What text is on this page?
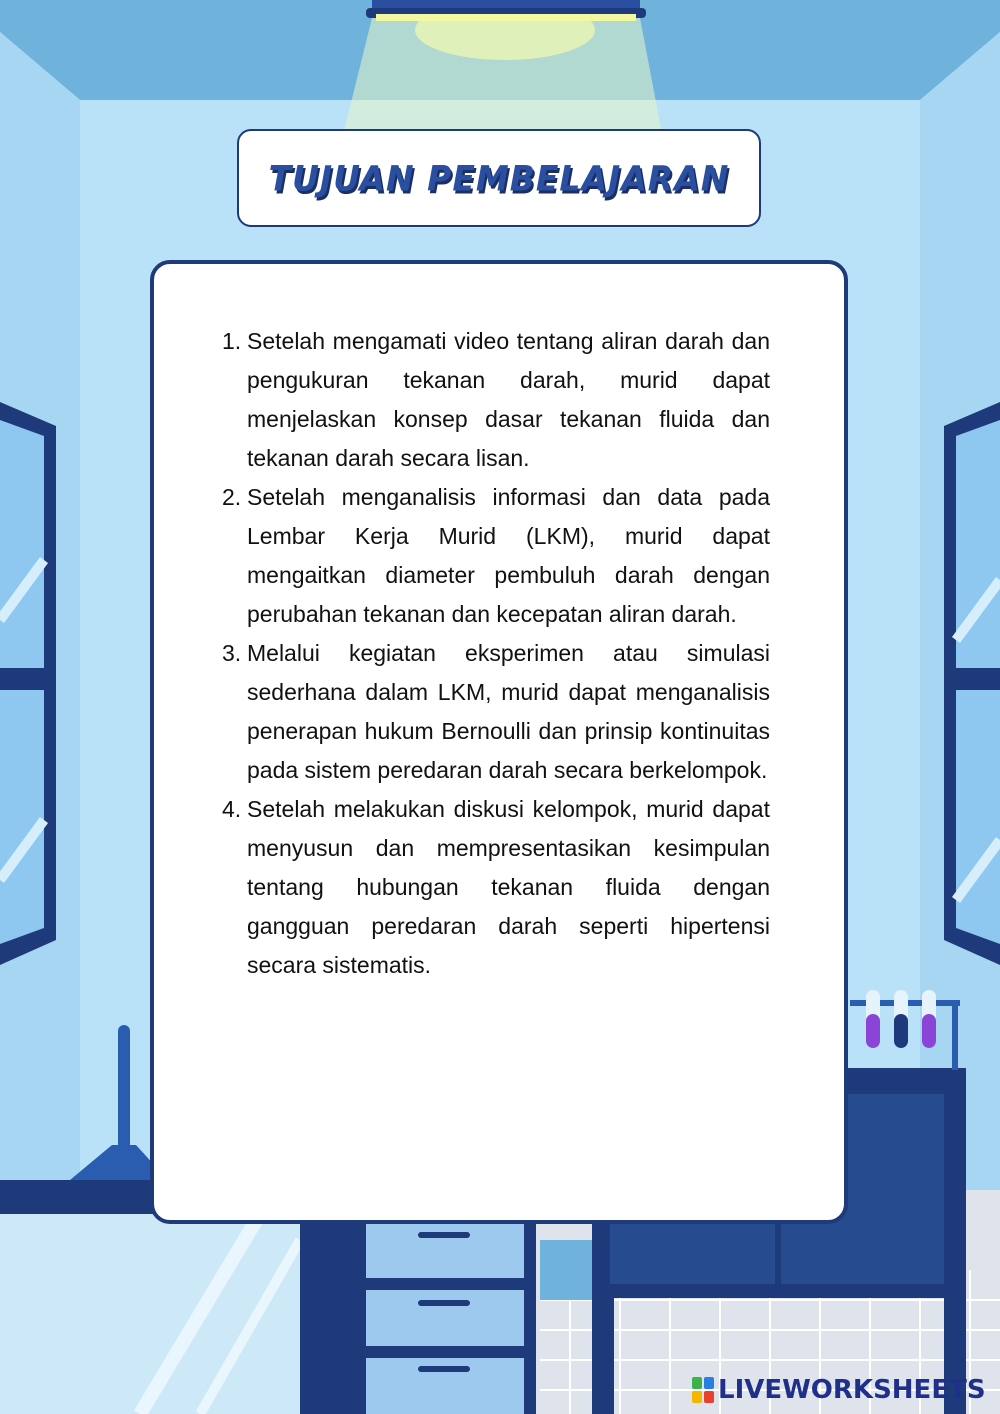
TUJUAN PEMBELAJARAN
1. Setelah mengamati video tentang aliran darah dan pengukuran tekanan darah, murid dapat menjelaskan konsep dasar tekanan fluida dan tekanan darah secara lisan.
2. Setelah menganalisis informasi dan data pada Lembar Kerja Murid (LKM), murid dapat mengaitkan diameter pembuluh darah dengan perubahan tekanan dan kecepatan aliran darah.
3. Melalui kegiatan eksperimen atau simulasi sederhana dalam LKM, murid dapat menganalisis penerapan hukum Bernoulli dan prinsip kontinuitas pada sistem peredaran darah secara berkelompok.
4. Setelah melakukan diskusi kelompok, murid dapat menyusun dan mempresentasikan kesimpulan tentang hubungan tekanan fluida dengan gangguan peredaran darah seperti hipertensi secara sistematis.
LIVEWORKSHEETS
